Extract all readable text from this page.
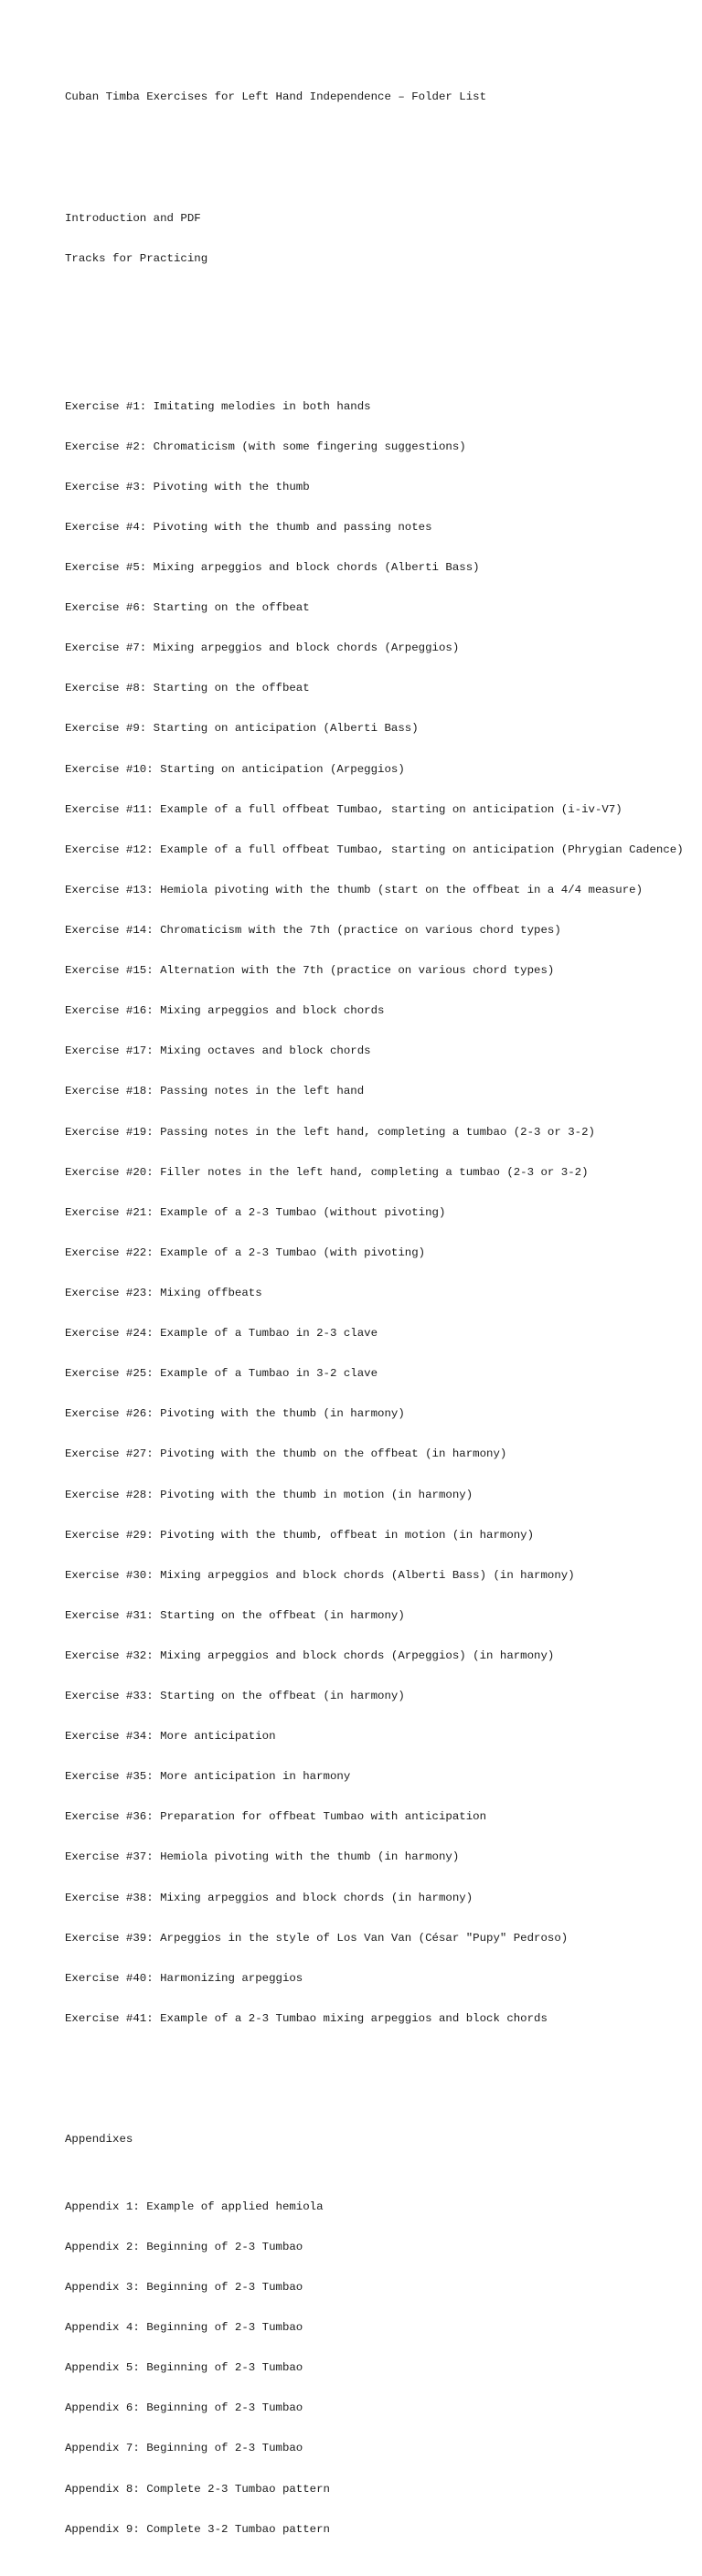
Cuban Timba Exercises for Left Hand Independence – Folder List

Introduction and PDF

Tracks for Practicing

Exercise #1: Imitating melodies in both hands

Exercise #2: Chromaticism (with some fingering suggestions)

Exercise #3: Pivoting with the thumb

Exercise #4: Pivoting with the thumb and passing notes

Exercise #5: Mixing arpeggios and block chords (Alberti Bass)

Exercise #6: Starting on the offbeat

Exercise #7: Mixing arpeggios and block chords (Arpeggios)

Exercise #8: Starting on the offbeat

Exercise #9: Starting on anticipation (Alberti Bass)

Exercise #10: Starting on anticipation (Arpeggios)

Exercise #11: Example of a full offbeat Tumbao, starting on anticipation (i-iv-V7)

Exercise #12: Example of a full offbeat Tumbao, starting on anticipation (Phrygian Cadence)

Exercise #13: Hemiola pivoting with the thumb (start on the offbeat in a 4/4 measure)

Exercise #14: Chromaticism with the 7th (practice on various chord types)

Exercise #15: Alternation with the 7th (practice on various chord types)

Exercise #16: Mixing arpeggios and block chords

Exercise #17: Mixing octaves and block chords

Exercise #18: Passing notes in the left hand

Exercise #19: Passing notes in the left hand, completing a tumbao (2-3 or 3-2)

Exercise #20: Filler notes in the left hand, completing a tumbao (2-3 or 3-2)

Exercise #21: Example of a 2-3 Tumbao (without pivoting)

Exercise #22: Example of a 2-3 Tumbao (with pivoting)

Exercise #23: Mixing offbeats

Exercise #24: Example of a Tumbao in 2-3 clave

Exercise #25: Example of a Tumbao in 3-2 clave

Exercise #26: Pivoting with the thumb (in harmony)

Exercise #27: Pivoting with the thumb on the offbeat (in harmony)

Exercise #28: Pivoting with the thumb in motion (in harmony)

Exercise #29: Pivoting with the thumb, offbeat in motion (in harmony)

Exercise #30: Mixing arpeggios and block chords (Alberti Bass) (in harmony)

Exercise #31: Starting on the offbeat (in harmony)

Exercise #32: Mixing arpeggios and block chords (Arpeggios) (in harmony)

Exercise #33: Starting on the offbeat (in harmony)

Exercise #34: More anticipation

Exercise #35: More anticipation in harmony

Exercise #36: Preparation for offbeat Tumbao with anticipation

Exercise #37: Hemiola pivoting with the thumb (in harmony)

Exercise #38: Mixing arpeggios and block chords (in harmony)

Exercise #39: Arpeggios in the style of Los Van Van (César "Pupy" Pedroso)

Exercise #40: Harmonizing arpeggios

Exercise #41: Example of a 2-3 Tumbao mixing arpeggios and block chords

Appendixes

Appendix 1: Example of applied hemiola

Appendix 2: Beginning of 2-3 Tumbao

Appendix 3: Beginning of 2-3 Tumbao

Appendix 4: Beginning of 2-3 Tumbao

Appendix 5: Beginning of 2-3 Tumbao

Appendix 6: Beginning of 2-3 Tumbao

Appendix 7: Beginning of 2-3 Tumbao

Appendix 8: Complete 2-3 Tumbao pattern

Appendix 9: Complete 3-2 Tumbao pattern
